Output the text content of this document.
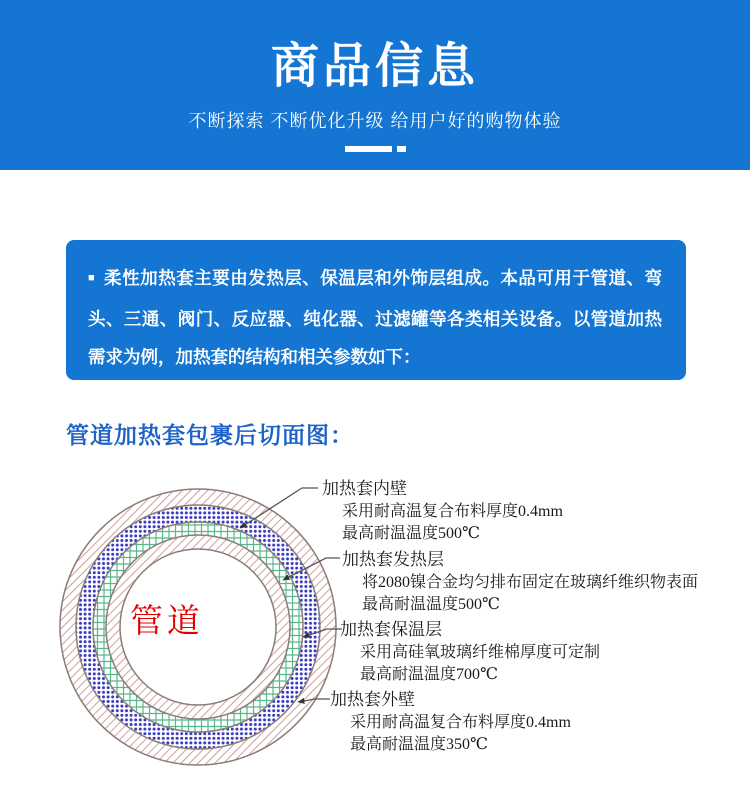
商品信息
不断探索 不断优化升级 给用户好的购物体验
■ 柔性加热套主要由发热层、保温层和外饰层组成。本品可用于管道、弯头、三通、阀门、反应器、纯化器、过滤罐等各类相关设备。以管道加热需求为例，加热套的结构和相关参数如下：
管道加热套包裹后切面图：
管道
加热套内壁
采用耐高温复合布料厚度0.4mm
最高耐温温度500℃
加热套发热层
将2080镍合金均匀排布固定在玻璃纤维织物表面
最高耐温温度500℃
加热套保温层
采用高硅氧玻璃纤维棉厚度可定制
最高耐温温度700℃
加热套外壁
采用耐高温复合布料厚度0.4mm
最高耐温温度350℃
